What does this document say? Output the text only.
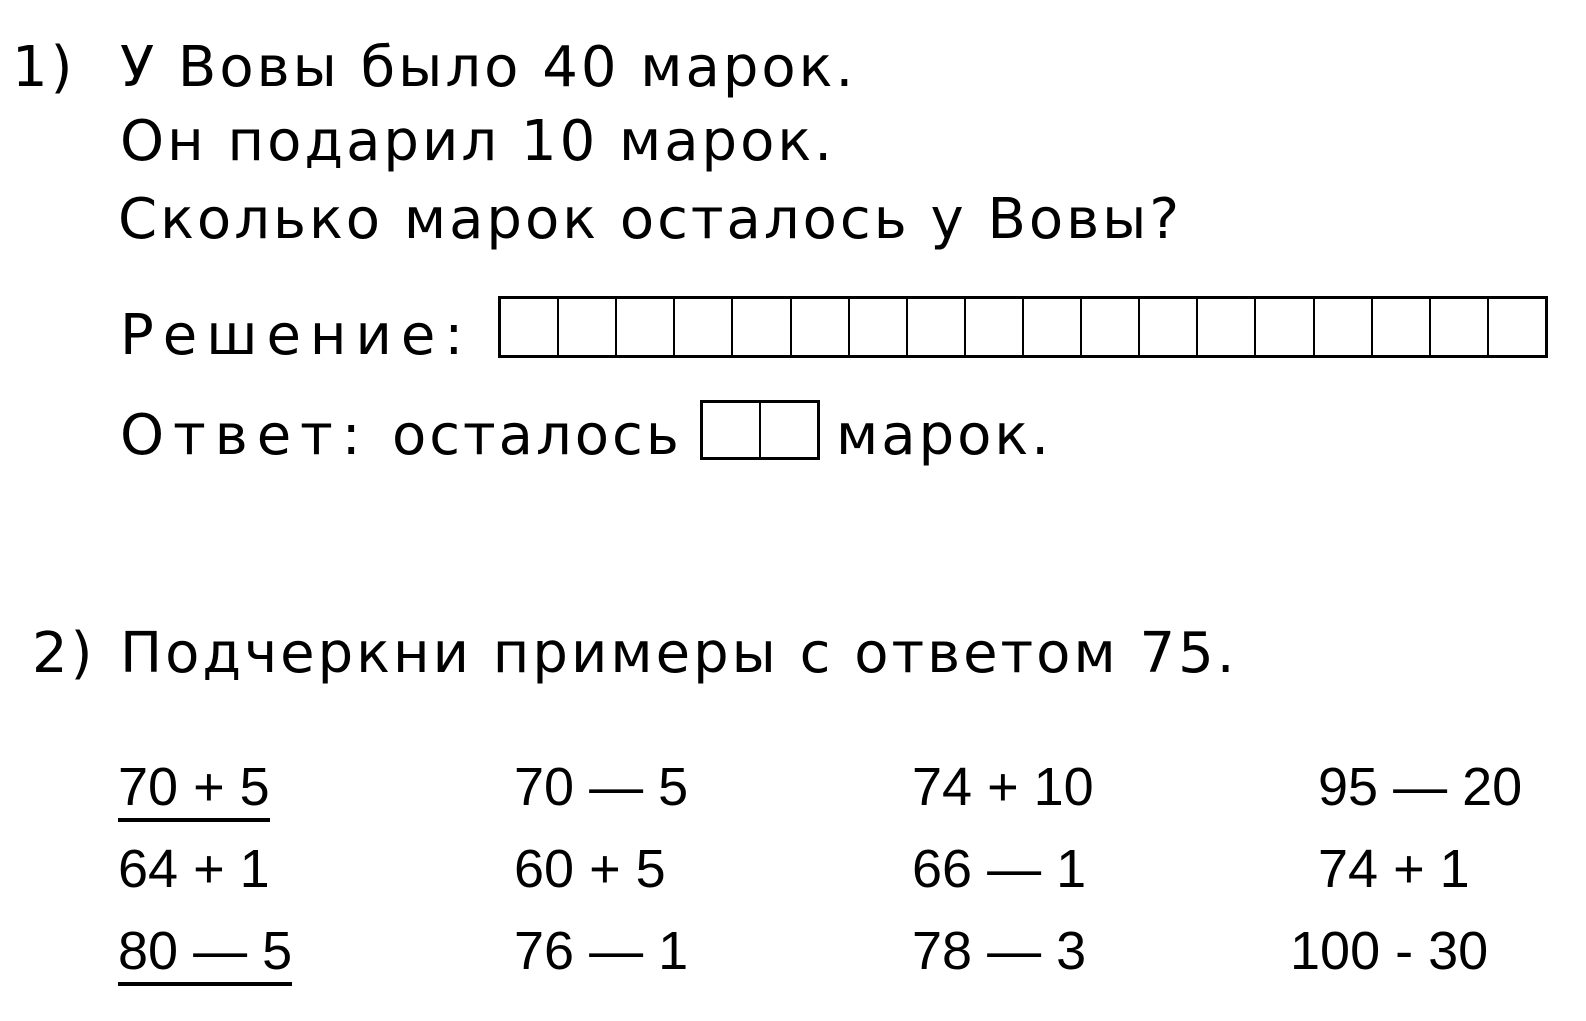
1) У Вовы было 40 марок.
Он подарил 10 марок.
Сколько марок осталось у Вовы?
Решение:
Ответ: осталось	марок.
2) Подчеркни примеры с ответом 75.
70 + 5	70 — 5	74 + 10	95 — 20
64 + 1	60 + 5	66 — 1	74 + 1
80 — 5	76 — 1	78 — 3	100 - 30
